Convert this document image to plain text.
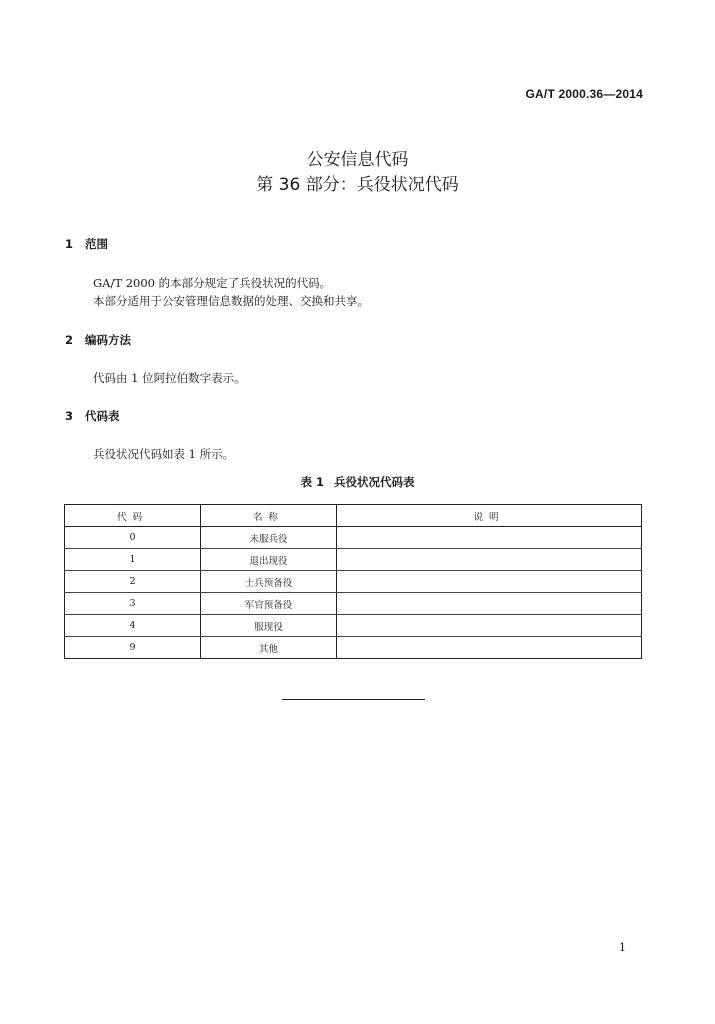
GA/T 2000.36—2014
公安信息代码
第 36 部分：兵役状况代码
1 范围
GA/T 2000 的本部分规定了兵役状况的代码。
本部分适用于公安管理信息数据的处理、交换和共享。
2 编码方法
代码由 1 位阿拉伯数字表示。
3 代码表
兵役状况代码如表 1 所示。
表 1 兵役状况代码表
代码	名称	说明
0	未服兵役	
1	退出现役	
2	士兵预备役	
3	军官预备役	
4	服现役	
9	其他	
1
